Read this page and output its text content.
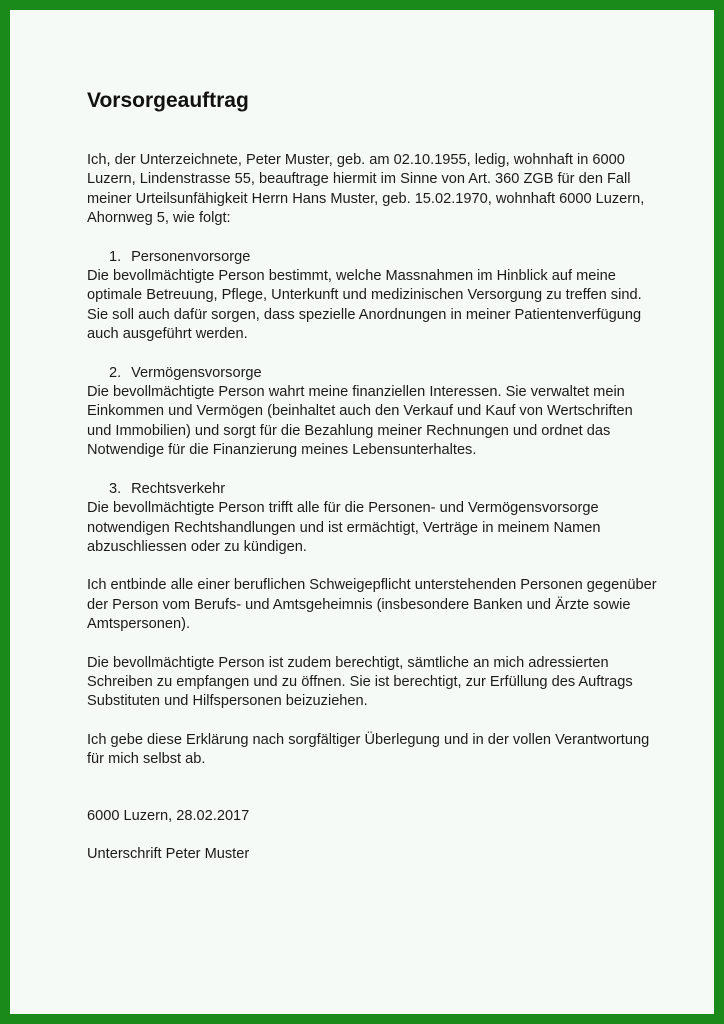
Vorsorgeauftrag

Ich, der Unterzeichnete, Peter Muster, geb. am 02.10.1955, ledig, wohnhaft in 6000 Luzern, Lindenstrasse 55, beauftrage hiermit im Sinne von Art. 360 ZGB für den Fall meiner Urteilsunfähigkeit Herrn Hans Muster, geb. 15.02.1970, wohnhaft 6000 Luzern, Ahornweg 5, wie folgt:

1. Personenvorsorge

Die bevollmächtigte Person bestimmt, welche Massnahmen im Hinblick auf meine optimale Betreuung, Pflege, Unterkunft und medizinischen Versorgung zu treffen sind. Sie soll auch dafür sorgen, dass spezielle Anordnungen in meiner Patientenverfügung auch ausgeführt werden.

2. Vermögensvorsorge

Die bevollmächtigte Person wahrt meine finanziellen Interessen. Sie verwaltet mein Einkommen und Vermögen (beinhaltet auch den Verkauf und Kauf von Wertschriften und Immobilien) und sorgt für die Bezahlung meiner Rechnungen und ordnet das Notwendige für die Finanzierung meines Lebensunterhaltes.

3. Rechtsverkehr

Die bevollmächtigte Person trifft alle für die Personen- und Vermögensvorsorge notwendigen Rechtshandlungen und ist ermächtigt, Verträge in meinem Namen abzuschliessen oder zu kündigen.

Ich entbinde alle einer beruflichen Schweigepflicht unterstehenden Personen gegenüber der Person vom Berufs- und Amtsgeheimnis (insbesondere Banken und Ärzte sowie Amtspersonen).

Die bevollmächtigte Person ist zudem berechtigt, sämtliche an mich adressierten Schreiben zu empfangen und zu öffnen. Sie ist berechtigt, zur Erfüllung des Auftrags Substituten und Hilfspersonen beizuziehen.

Ich gebe diese Erklärung nach sorgfältiger Überlegung und in der vollen Verantwortung für mich selbst ab.

6000 Luzern, 28.02.2017

Unterschrift Peter Muster
